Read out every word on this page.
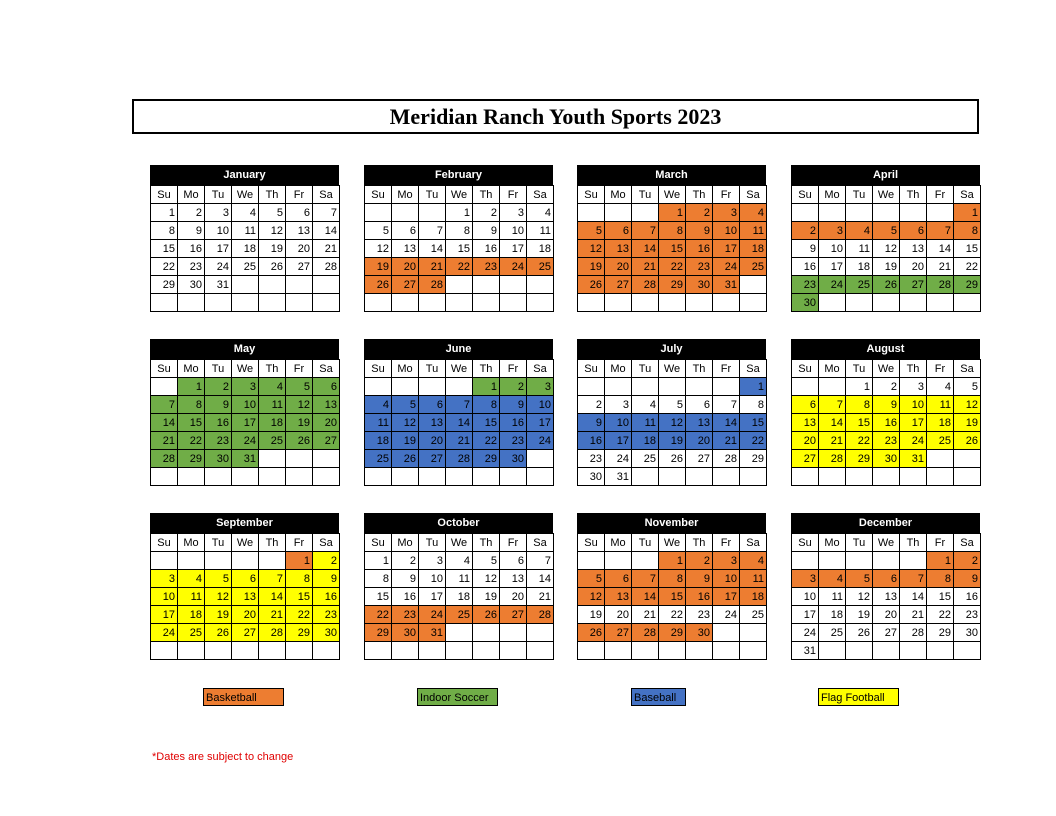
Meridian Ranch Youth Sports 2023
January
Su	Mo	Tu	We	Th	Fr	Sa
1	2	3	4	5	6	7
8	9	10	11	12	13	14
15	16	17	18	19	20	21
22	23	24	25	26	27	28
29	30	31				

February
Su	Mo	Tu	We	Th	Fr	Sa
			1	2	3	4
5	6	7	8	9	10	11
12	13	14	15	16	17	18
19	20	21	22	23	24	25
26	27	28				

March
Su	Mo	Tu	We	Th	Fr	Sa
			1	2	3	4
5	6	7	8	9	10	11
12	13	14	15	16	17	18
19	20	21	22	23	24	25
26	27	28	29	30	31	

April
Su	Mo	Tu	We	Th	Fr	Sa
						1
2	3	4	5	6	7	8
9	10	11	12	13	14	15
16	17	18	19	20	21	22
23	24	25	26	27	28	29
30						
May
Su	Mo	Tu	We	Th	Fr	Sa
	1	2	3	4	5	6
7	8	9	10	11	12	13
14	15	16	17	18	19	20
21	22	23	24	25	26	27
28	29	30	31			

June
Su	Mo	Tu	We	Th	Fr	Sa
				1	2	3
4	5	6	7	8	9	10
11	12	13	14	15	16	17
18	19	20	21	22	23	24
25	26	27	28	29	30	

July
Su	Mo	Tu	We	Th	Fr	Sa
						1
2	3	4	5	6	7	8
9	10	11	12	13	14	15
16	17	18	19	20	21	22
23	24	25	26	27	28	29
30	31					
August
Su	Mo	Tu	We	Th	Fr	Sa
		1	2	3	4	5
6	7	8	9	10	11	12
13	14	15	16	17	18	19
20	21	22	23	24	25	26
27	28	29	30	31		

September
Su	Mo	Tu	We	Th	Fr	Sa
					1	2
3	4	5	6	7	8	9
10	11	12	13	14	15	16
17	18	19	20	21	22	23
24	25	26	27	28	29	30

October
Su	Mo	Tu	We	Th	Fr	Sa
1	2	3	4	5	6	7
8	9	10	11	12	13	14
15	16	17	18	19	20	21
22	23	24	25	26	27	28
29	30	31				

November
Su	Mo	Tu	We	Th	Fr	Sa
			1	2	3	4
5	6	7	8	9	10	11
12	13	14	15	16	17	18
19	20	21	22	23	24	25
26	27	28	29	30		

December
Su	Mo	Tu	We	Th	Fr	Sa
					1	2
3	4	5	6	7	8	9
10	11	12	13	14	15	16
17	18	19	20	21	22	23
24	25	26	27	28	29	30
31						
Basketball	Indoor Soccer	Baseball	Flag Football
*Dates are subject to change
